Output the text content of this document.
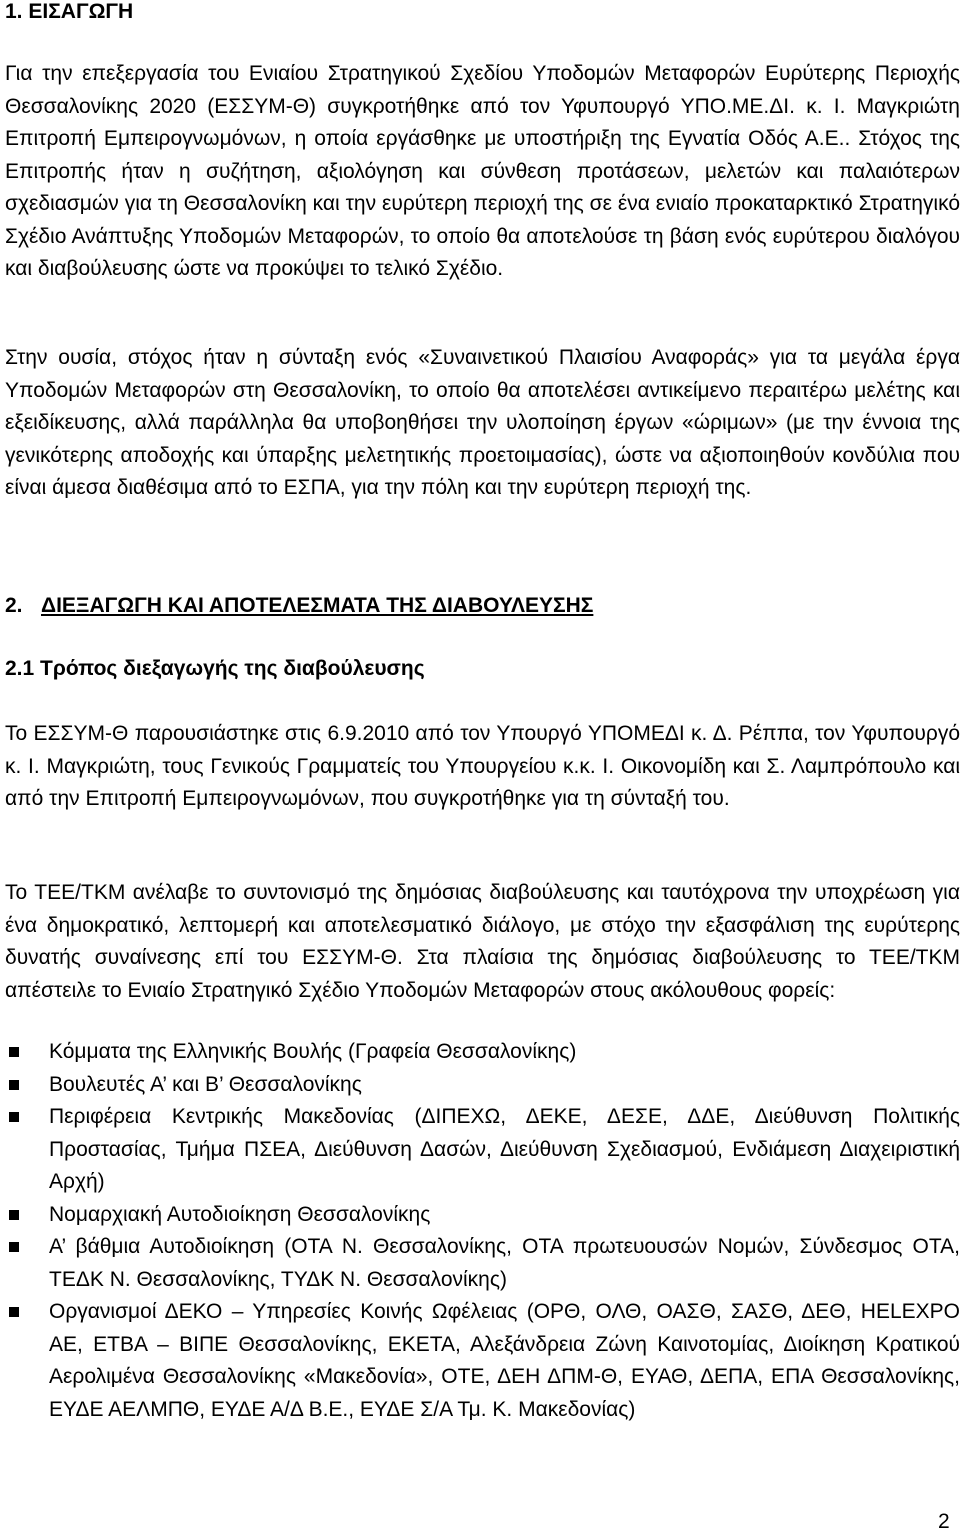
1. ΕΙΣΑΓΩΓΗ

Για την επεξεργασία του Ενιαίου Στρατηγικού Σχεδίου Υποδομών Μεταφορών Ευρύτερης Περιοχής Θεσσαλονίκης 2020 (ΕΣΣΥΜ-Θ) συγκροτήθηκε από τον Υφυπουργό ΥΠΟ.ΜΕ.ΔΙ. κ. Ι. Μαγκριώτη Επιτροπή Εμπειρογνωμόνων, η οποία εργάσθηκε με υποστήριξη της Εγνατία Οδός Α.Ε.. Στόχος της Επιτροπής ήταν η συζήτηση, αξιολόγηση και σύνθεση προτάσεων, μελετών και παλαιότερων σχεδιασμών για τη Θεσσαλονίκη και την ευρύτερη περιοχή της σε ένα ενιαίο προκαταρκτικό Στρατηγικό Σχέδιο Ανάπτυξης Υποδομών Μεταφορών, το οποίο θα αποτελούσε τη βάση ενός ευρύτερου διαλόγου και διαβούλευσης ώστε να προκύψει το τελικό Σχέδιο.

Στην ουσία, στόχος ήταν η σύνταξη ενός «Συναινετικού Πλαισίου Αναφοράς» για τα μεγάλα έργα Υποδομών Μεταφορών στη Θεσσαλονίκη, το οποίο θα αποτελέσει αντικείμενο περαιτέρω μελέτης και εξειδίκευσης, αλλά παράλληλα θα υποβοηθήσει την υλοποίηση έργων «ώριμων» (με την έννοια της γενικότερης αποδοχής και ύπαρξης μελετητικής προετοιμασίας), ώστε να αξιοποιηθούν κονδύλια που είναι άμεσα διαθέσιμα από το ΕΣΠΑ, για την πόλη και την ευρύτερη περιοχή της.

2. ΔΙΕΞΑΓΩΓΗ ΚΑΙ ΑΠΟΤΕΛΕΣΜΑΤΑ ΤΗΣ ΔΙΑΒΟΥΛΕΥΣΗΣ
2.1 Τρόπος διεξαγωγής της διαβούλευσης

Το ΕΣΣΥΜ-Θ παρουσιάστηκε στις 6.9.2010 από τον Υπουργό ΥΠΟΜΕΔΙ κ. Δ. Ρέππα, τον Υφυπουργό κ. Ι. Μαγκριώτη, τους Γενικούς Γραμματείς του Υπουργείου κ.κ. Ι. Οικονομίδη και Σ. Λαμπρόπουλο και από την Επιτροπή Εμπειρογνωμόνων, που συγκροτήθηκε για τη σύνταξή του.

Το ΤΕΕ/ΤΚΜ ανέλαβε το συντονισμό της δημόσιας διαβούλευσης και ταυτόχρονα την υποχρέωση για ένα δημοκρατικό, λεπτομερή και αποτελεσματικό διάλογο, με στόχο την εξασφάλιση της ευρύτερης δυνατής συναίνεσης επί του ΕΣΣΥΜ-Θ. Στα πλαίσια της δημόσιας διαβούλευσης το ΤΕΕ/ΤΚΜ απέστειλε το Ενιαίο Στρατηγικό Σχέδιο Υποδομών Μεταφορών στους ακόλουθους φορείς:

Κόμματα της Ελληνικής Βουλής (Γραφεία Θεσσαλονίκης)
Βουλευτές Α’ και Β’ Θεσσαλονίκης
Περιφέρεια Κεντρικής Μακεδονίας (ΔΙΠΕΧΩ, ΔΕΚΕ, ΔΕΣΕ, ΔΔΕ, Διεύθυνση Πολιτικής Προστασίας, Τμήμα ΠΣΕΑ, Διεύθυνση Δασών, Διεύθυνση Σχεδιασμού, Ενδιάμεση Διαχειριστική Αρχή)
Νομαρχιακή Αυτοδιοίκηση Θεσσαλονίκης
Α’ βάθμια Αυτοδιοίκηση (ΟΤΑ Ν. Θεσσαλονίκης, ΟΤΑ πρωτευουσών Νομών, Σύνδεσμος ΟΤΑ, ΤΕΔΚ Ν. Θεσσαλονίκης, ΤΥΔΚ Ν. Θεσσαλονίκης)
Οργανισμοί ΔΕΚΟ – Υπηρεσίες Κοινής Ωφέλειας (ΟΡΘ, ΟΛΘ, ΟΑΣΘ, ΣΑΣΘ, ΔΕΘ, HELEXPO ΑΕ, ΕΤΒΑ – ΒΙΠΕ Θεσσαλονίκης, ΕΚΕΤΑ, Αλεξάνδρεια Ζώνη Καινοτομίας, Διοίκηση Κρατικού Αερολιμένα Θεσσαλονίκης «Μακεδονία», ΟΤΕ, ΔΕΗ ΔΠΜ-Θ, ΕΥΑΘ, ΔΕΠΑ, ΕΠΑ Θεσσαλονίκης, ΕΥΔΕ ΑΕΛΜΠΘ, ΕΥΔΕ Α/Δ Β.Ε., ΕΥΔΕ Σ/Α Τμ. Κ. Μακεδονίας)
2
